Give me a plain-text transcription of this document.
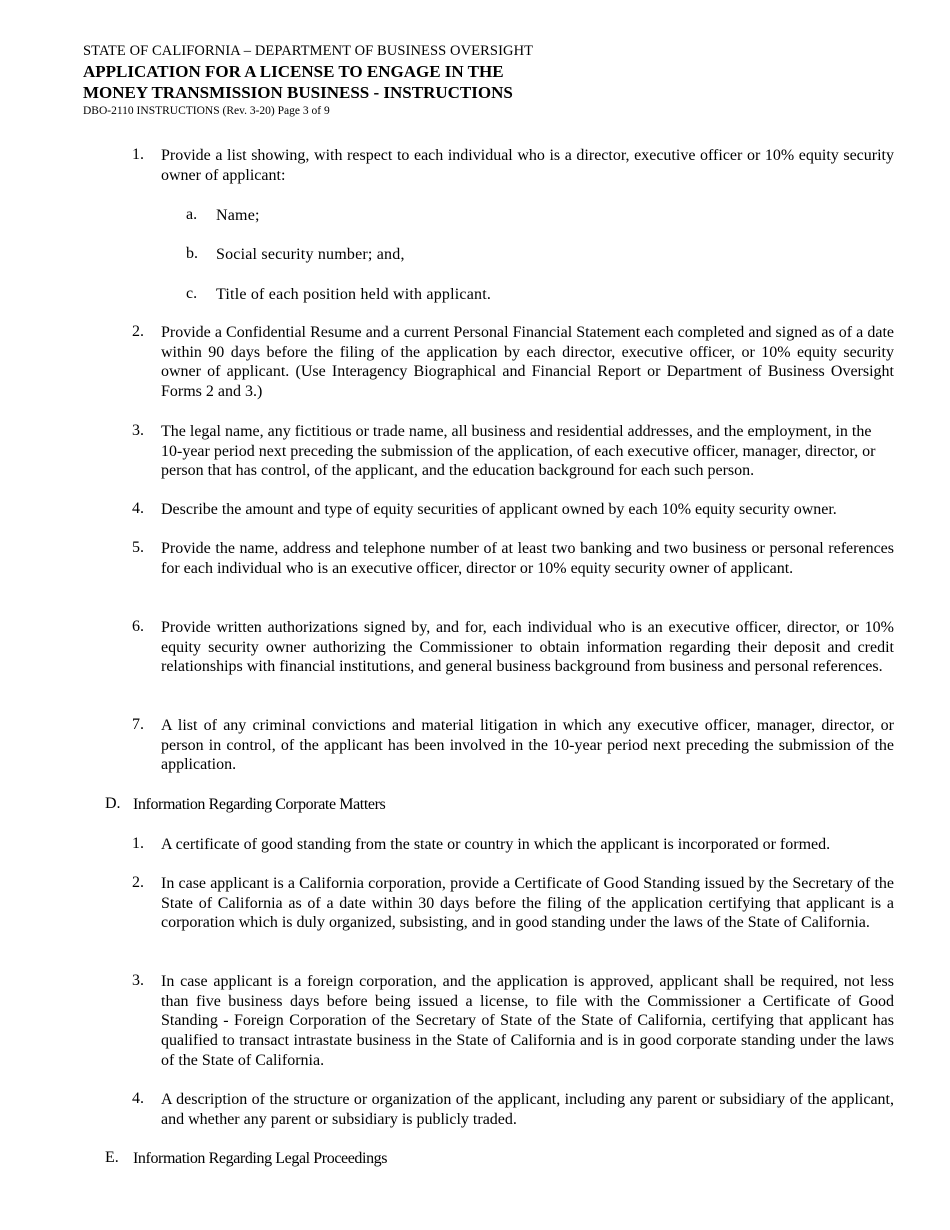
STATE OF CALIFORNIA – DEPARTMENT OF BUSINESS OVERSIGHT
APPLICATION FOR A LICENSE TO ENGAGE IN THE
MONEY TRANSMISSION BUSINESS - INSTRUCTIONS
DBO-2110 INSTRUCTIONS (Rev. 3-20) Page 3 of 9
1.	Provide a list showing, with respect to each individual who is a director, executive officer or 10% equity security owner of applicant:
a.	Name;
b.	Social security number; and,
c.	Title of each position held with applicant.
2.	Provide a Confidential Resume and a current Personal Financial Statement each completed and signed as of a date within 90 days before the filing of the application by each director, executive officer, or 10% equity security owner of applicant. (Use Interagency Biographical and Financial Report or Department of Business Oversight Forms 2 and 3.)
3.	The legal name, any fictitious or trade name, all business and residential addresses, and the employment, in the 10-year period next preceding the submission of the application, of each executive officer, manager, director, or person that has control, of the applicant, and the education background for each such person.
4.	Describe the amount and type of equity securities of applicant owned by each 10% equity security owner.
5.	Provide the name, address and telephone number of at least two banking and two business or personal references for each individual who is an executive officer, director or 10% equity security owner of applicant.
6.	Provide written authorizations signed by, and for, each individual who is an executive officer, director, or 10% equity security owner authorizing the Commissioner to obtain information regarding their deposit and credit relationships with financial institutions, and general business background from business and personal references.
7.	A list of any criminal convictions and material litigation in which any executive officer, manager, director, or person in control, of the applicant has been involved in the 10-year period next preceding the submission of the application.
D. Information Regarding Corporate Matters
1.	A certificate of good standing from the state or country in which the applicant is incorporated or formed.
2.	In case applicant is a California corporation, provide a Certificate of Good Standing issued by the Secretary of the State of California as of a date within 30 days before the filing of the application certifying that applicant is a corporation which is duly organized, subsisting, and in good standing under the laws of the State of California.
3.	In case applicant is a foreign corporation, and the application is approved, applicant shall be required, not less than five business days before being issued a license, to file with the Commissioner a Certificate of Good Standing - Foreign Corporation of the Secretary of State of the State of California, certifying that applicant has qualified to transact intrastate business in the State of California and is in good corporate standing under the laws of the State of California.
4.	A description of the structure or organization of the applicant, including any parent or subsidiary of the applicant, and whether any parent or subsidiary is publicly traded.
E. Information Regarding Legal Proceedings
